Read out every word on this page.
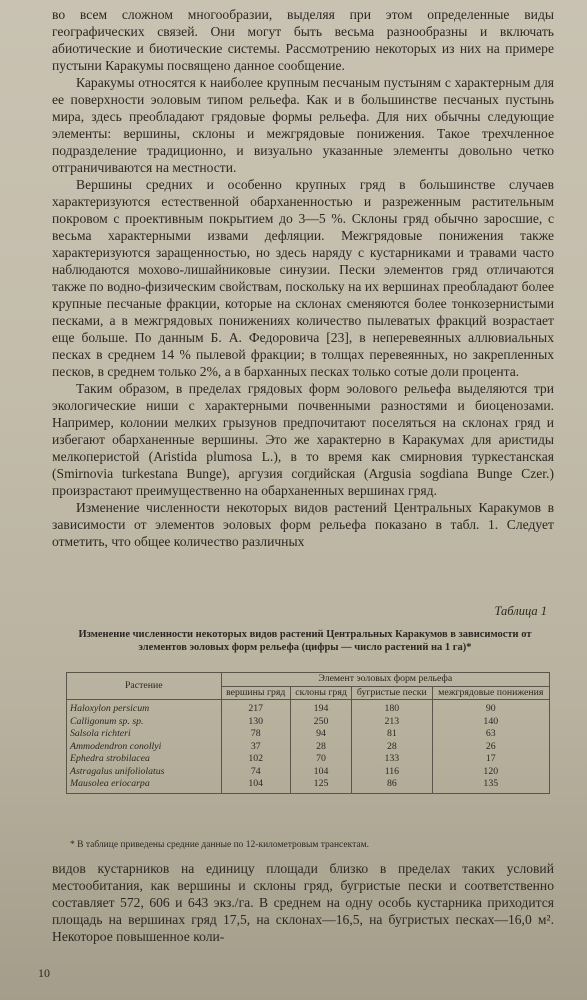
во всем сложном многообразии, выделяя при этом определенные виды географических связей. Они могут быть весьма разнообразны и включать абиотические и биотические системы. Рассмотрению некоторых из них на примере пустыни Каракумы посвящено данное сообщение.

Каракумы относятся к наиболее крупным песчаным пустыням с характерным для ее поверхности эоловым типом рельефа. Как и в большинстве песчаных пустынь мира, здесь преобладают грядовые формы рельефа. Для них обычны следующие элементы: вершины, склоны и межгрядовые понижения. Такое трехчленное подразделение традиционно, и визуально указанные элементы довольно четко отграничиваются на местности.

Вершины средних и особенно крупных гряд в большинстве случаев характеризуются естественной обарханенностью и разреженным растительным покровом с проективным покрытием до 3—5 %. Склоны гряд обычно заросшие, с весьма характерными извами дефляции. Межгрядовые понижения также характеризуются заращенностью, но здесь наряду с кустарниками и травами часто наблюдаются мохово-лишайниковые синузии. Пески элементов гряд отличаются также по водно-физическим свойствам, поскольку на их вершинах преобладают более крупные песчаные фракции, которые на склонах сменяются более тонкозернистыми песками, а в межгрядовых понижениях количество пылеватых фракций возрастает еще больше. По данным Б. А. Федоровича [23], в неперевеянных аллювиальных песках в среднем 14 % пылевой фракции; в толщах перевеянных, но закрепленных песков, в среднем только 2%, а в барханных песках только сотые доли процента.

Таким образом, в пределах грядовых форм эолового рельефа выделяются три экологические ниши с характерными почвенными разностями и биоценозами. Например, колонии мелких грызунов предпочитают поселяться на склонах гряд и избегают обарханенные вершины. Это же характерно в Каракумах для аристиды мелкоперистой (Aristida plumosa L.), в то время как смирновия туркестанская (Smirnovia turkestana Bunge), аргузия согдийская (Argusia sogdiana Bunge Czer.) произрастают преимущественно на обарханенных вершинах гряд.

Изменение численности некоторых видов растений Центральных Каракумов в зависимости от элементов эоловых форм рельефа показано в табл. 1. Следует отметить, что общее количество различных

Таблица 1
Изменение численности некоторых видов растений Центральных Каракумов в зависимости от элементов эоловых форм рельефа (цифры — число растений на 1 га)*
Растение	Элемент эоловых форм рельефа			
	вершины гряд	склоны гряд	бугристые пески	межгрядовые понижения
Haloxylon persicum	217	194	180	90
Calligonum sp. sp.	130	250	213	140
Salsola richteri	78	94	81	63
Ammodendron conollyi	37	28	28	26
Ephedra strobilacea	102	70	133	17
Astragalus unifoliolatus	74	104	116	120
Mausolea eriocarpa	104	125	86	135
* В таблице приведены средние данные по 12-километровым трансектам.

видов кустарников на единицу площади близко в пределах таких условий местообитания, как вершины и склоны гряд, бугристые пески и соответственно составляет 572, 606 и 643 экз./га. В среднем на одну особь кустарника приходится площадь на вершинах гряд 17,5, на склонах—16,5, на бугристых песках—16,0 м². Некоторое повышенное коли-

10
